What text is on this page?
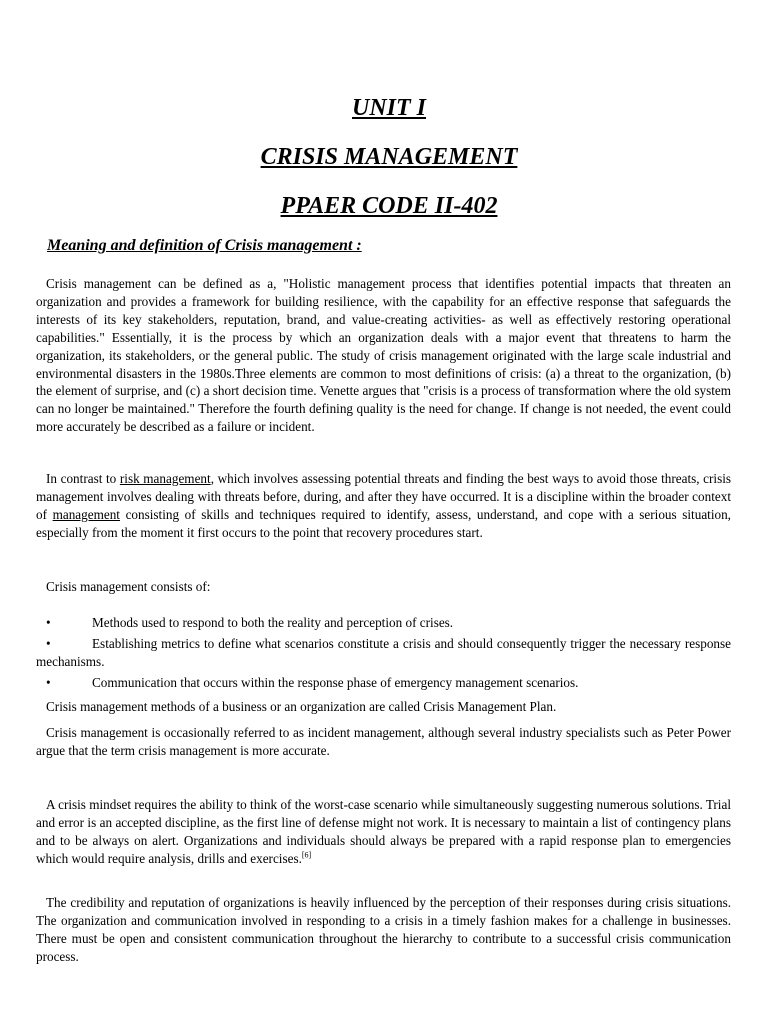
UNIT I
CRISIS MANAGEMENT
PPAER CODE II-402
Meaning and definition of Crisis management :

Crisis management can be defined as a, "Holistic management process that identifies potential impacts that threaten an organization and provides a framework for building resilience, with the capability for an effective response that safeguards the interests of its key stakeholders, reputation, brand, and value-creating activities- as well as effectively restoring operational capabilities." Essentially, it is the process by which an organization deals with a major event that threatens to harm the organization, its stakeholders, or the general public. The study of crisis management originated with the large scale industrial and environmental disasters in the 1980s.Three elements are common to most definitions of crisis: (a) a threat to the organization, (b) the element of surprise, and (c) a short decision time. Venette argues that "crisis is a process of transformation where the old system can no longer be maintained." Therefore the fourth defining quality is the need for change. If change is not needed, the event could more accurately be described as a failure or incident.

In contrast to risk management, which involves assessing potential threats and finding the best ways to avoid those threats, crisis management involves dealing with threats before, during, and after they have occurred. It is a discipline within the broader context of management consisting of skills and techniques required to identify, assess, understand, and cope with a serious situation, especially from the moment it first occurs to the point that recovery procedures start.

Crisis management consists of:

•	Methods used to respond to both the reality and perception of crises.

•	Establishing metrics to define what scenarios constitute a crisis and should consequently trigger the necessary response mechanisms.

•	Communication that occurs within the response phase of emergency management scenarios.

Crisis management methods of a business or an organization are called Crisis Management Plan.

Crisis management is occasionally referred to as incident management, although several industry specialists such as Peter Power argue that the term crisis management is more accurate.

A crisis mindset requires the ability to think of the worst-case scenario while simultaneously suggesting numerous solutions. Trial and error is an accepted discipline, as the first line of defense might not work. It is necessary to maintain a list of contingency plans and to be always on alert. Organizations and individuals should always be prepared with a rapid response plan to emergencies which would require analysis, drills and exercises.[6]

The credibility and reputation of organizations is heavily influenced by the perception of their responses during crisis situations. The organization and communication involved in responding to a crisis in a timely fashion makes for a challenge in businesses. There must be open and consistent communication throughout the hierarchy to contribute to a successful crisis communication process.
